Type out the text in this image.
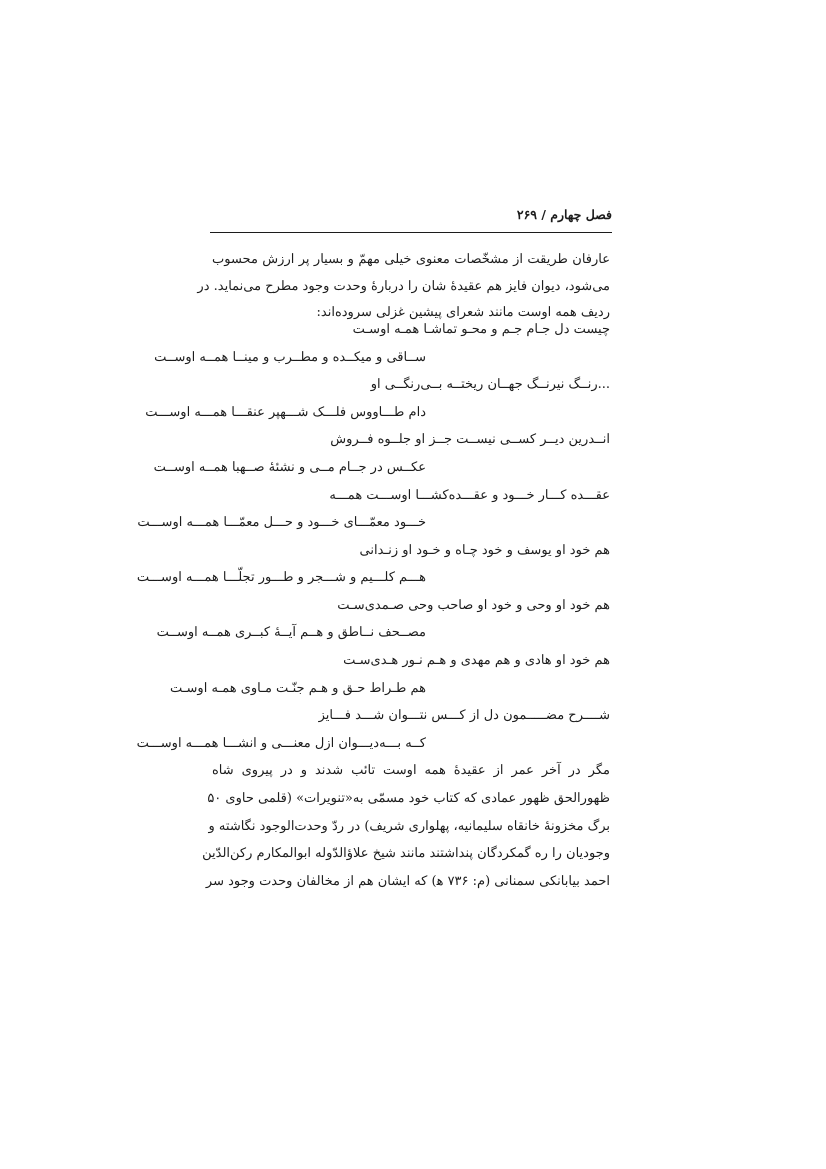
فصل چهارم / ۲۶۹
عارفان طریقت از مشخّصات معنوی خیلی مهمّ و بسیار پر ارزش محسوب
می‌شود، دیوان فایز هم عقیدهٔ شان را دربارهٔ وحدت وجود مطرح می‌نماید. در
ردیف همه اوست مانند شعرای پیشین غزلی سروده‌اند:
چیست دل جـام جـم و محـو تماشـا همـه اوسـت
ســاقی و میکــده و مطــرب و مینــا همــه اوســت
...رنــگ نیرنــگ جهــان ریختــه بــی‌رنگــی او
دام طـــاووس فلـــک شـــهپر عنقـــا همـــه اوســـت
انــدرین دیــر کســی نیســت جــز او جلــوه فــروش
عکــس در جــام مــی و نشئهٔ صــهبا همــه اوســت
عقـــده کـــار خـــود و عقـــده‌کشـــا اوســـت همـــه
خـــود معمّـــای خـــود و حـــل معمّـــا همـــه اوســـت
هم خود او یوسف و خود چـاه و خـود او زنـدانی
هـــم کلـــیم و شـــجر و طـــور تجلّـــا همـــه اوســـت
هم خود او وحی و خود او صاحب وحی صـمدی‌سـت
مصــحف نــاطق و هــم آیــهٔ کبــری همــه اوســت
هم خود او هادی و هم مهدی و هـم نـور هـدی‌سـت
هم طـراط حـق و هـم جنّـت مـاوی همـه اوسـت
شــــرح مضـــــمون دل از کـــس نتـــوان شـــد فـــایز
کــه بـــه‌دیـــوان ازل معنـــی و انشـــا همـــه اوســـت
مگر در آخر عمر از عقیدهٔ همه اوست تائب شدند و در پیروی شاه
ظهورالحق ظهور عمادی که کتاب خود مسمّی به«تنویرات» (قلمی حاوی ۵۰
برگ مخزونهٔ خانقاه سلیمانیه، پهلواری شریف) در ردّ وحدت‌الوجود نگاشته و
وجودیان را ره گمکردگان پنداشتند مانند شیخ علاؤالدّوله ابوالمکارم رکن‌الدّین
احمد بیابانکی سمنانی (م: ۷۳۶ ﻫ) که ایشان هم از مخالفان وحدت وجود سر
